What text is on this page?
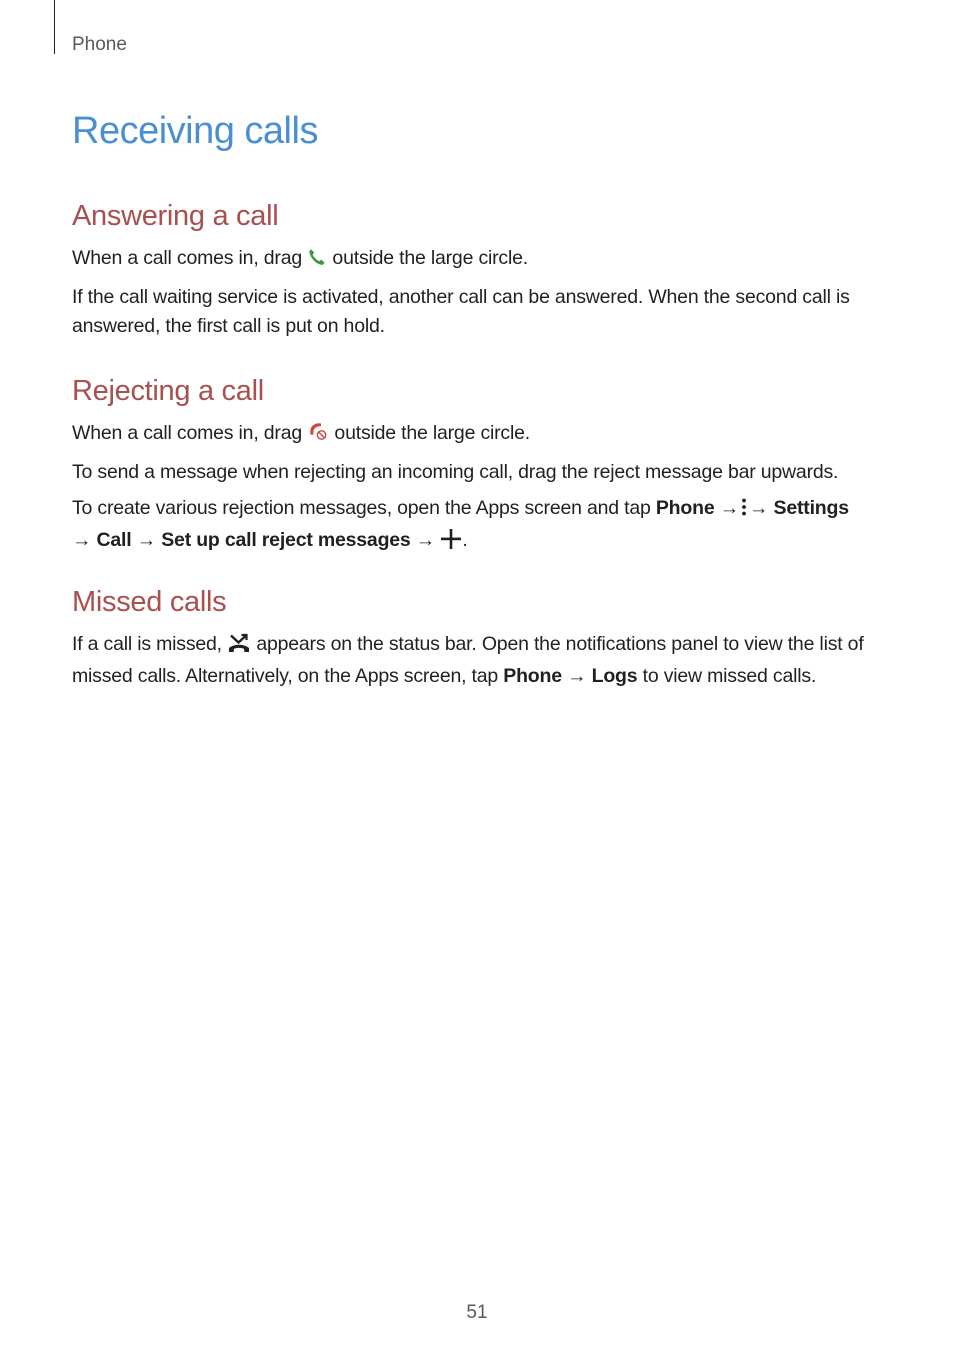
Phone
Receiving calls
Answering a call

When a call comes in, drag  outside the large circle.

If the call waiting service is activated, another call can be answered. When the second call is answered, the first call is put on hold.

Rejecting a call

When a call comes in, drag  outside the large circle.

To send a message when rejecting an incoming call, drag the reject message bar upwards.

To create various rejection messages, open the Apps screen and tap Phone → → Settings
→ Call → Set up call reject messages → .

Missed calls

If a call is missed,  appears on the status bar. Open the notifications panel to view the list of missed calls. Alternatively, on the Apps screen, tap Phone → Logs to view missed calls.

51
